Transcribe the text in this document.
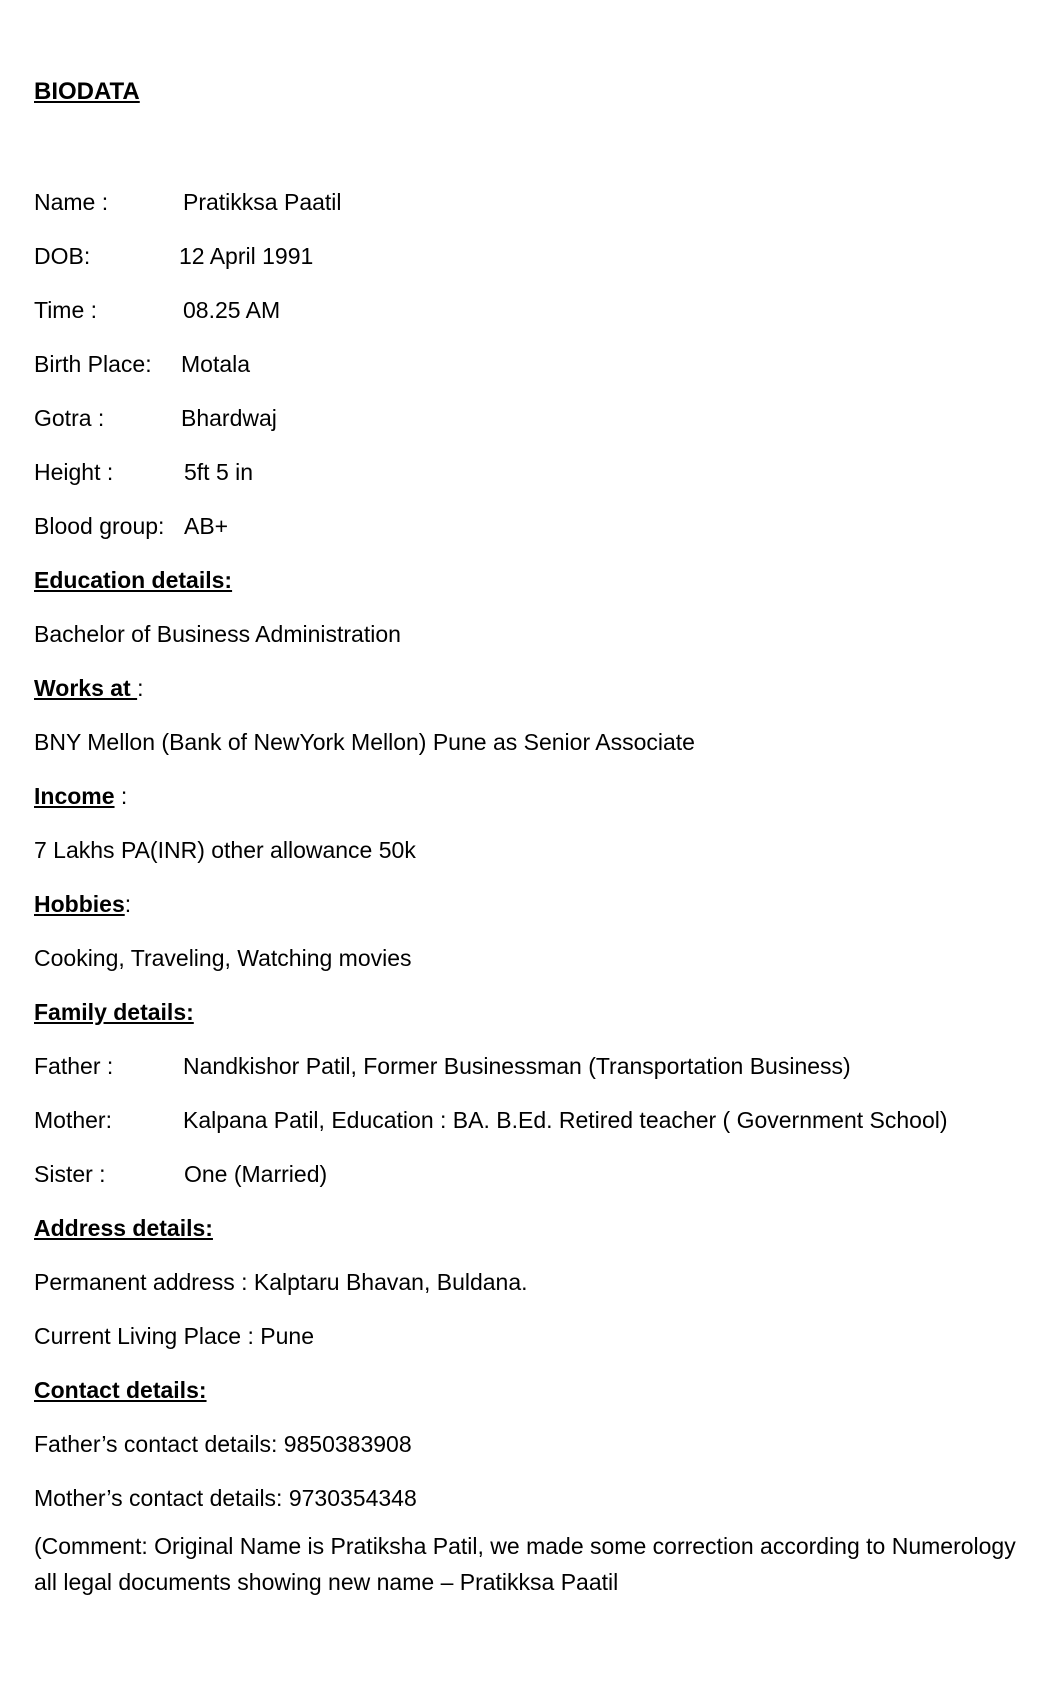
BIODATA
Name :	Pratikksa Paatil
DOB:	12 April 1991
Time :	08.25 AM
Birth Place: Motala
Gotra :	Bhardwaj
Height :	5ft 5 in
Blood group: AB+
Education details:
Bachelor of Business Administration
Works at :
BNY Mellon (Bank of NewYork Mellon) Pune as Senior Associate
Income :
7 Lakhs PA(INR) other allowance 50k
Hobbies:
Cooking, Traveling, Watching movies
Family details:
Father :	Nandkishor Patil, Former Businessman (Transportation Business)
Mother:	Kalpana Patil, Education : BA. B.Ed. Retired teacher ( Government School)
Sister :	One (Married)
Address details:
Permanent address : Kalptaru Bhavan, Buldana.
Current Living Place : Pune
Contact details:
Father’s contact details: 9850383908
Mother’s contact details: 9730354348
(Comment: Original Name is Pratiksha Patil, we made some correction according to Numerology
all legal documents showing new name – Pratikksa Paatil
